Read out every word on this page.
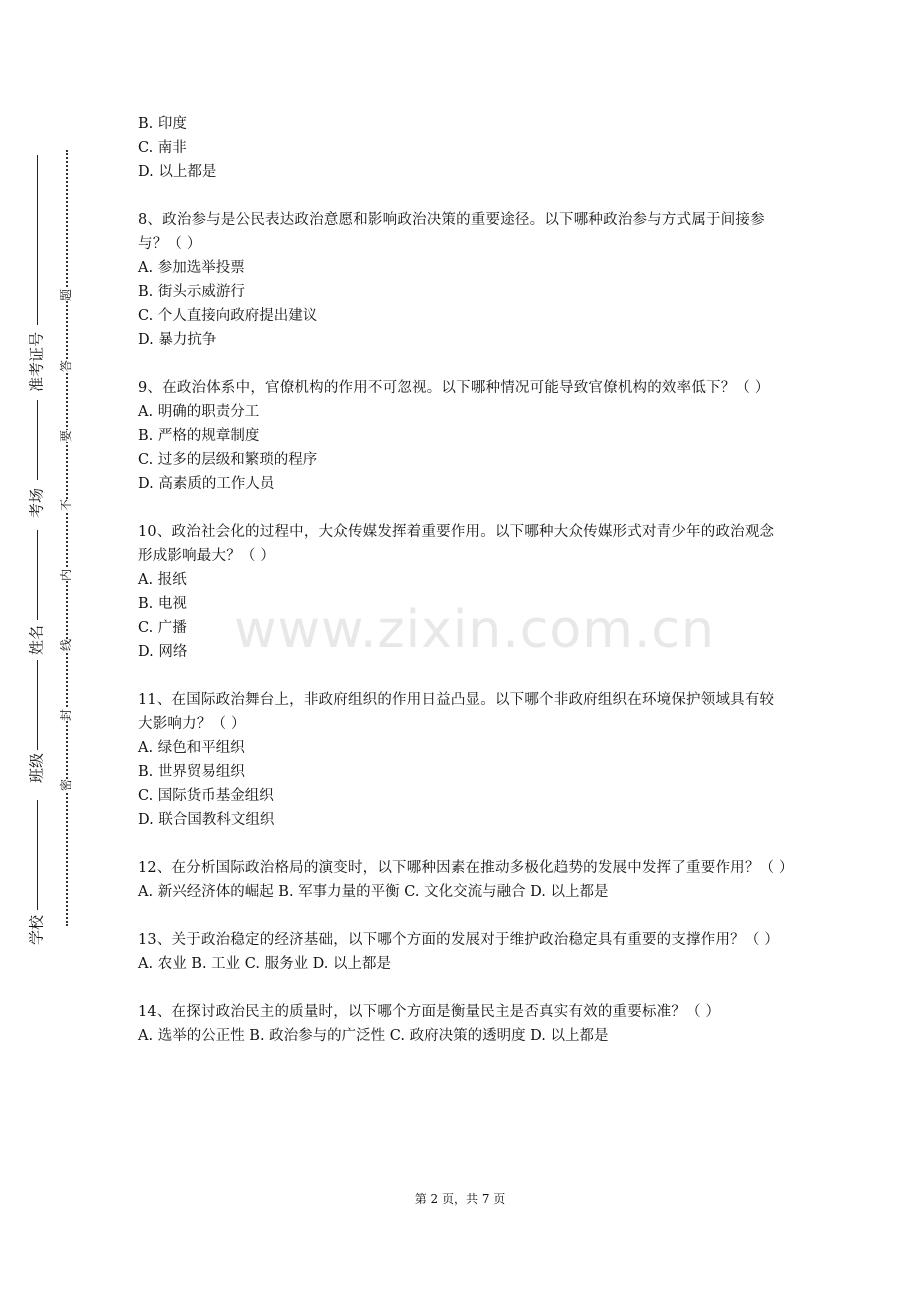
准考证号
考场
姓名
班级
学校
题
答
要
不
内
线
封
密
www.zixin.com.cn

B. 印度

C. 南非

D. 以上都是

8、政治参与是公民表达政治意愿和影响政治决策的重要途径。以下哪种政治参与方式属于间接参与？（ ）

A. 参加选举投票

B. 街头示威游行

C. 个人直接向政府提出建议

D. 暴力抗争

9、在政治体系中，官僚机构的作用不可忽视。以下哪种情况可能导致官僚机构的效率低下？（ ）

A. 明确的职责分工

B. 严格的规章制度

C. 过多的层级和繁琐的程序

D. 高素质的工作人员

10、政治社会化的过程中，大众传媒发挥着重要作用。以下哪种大众传媒形式对青少年的政治观念形成影响最大？（ ）

A. 报纸

B. 电视

C. 广播

D. 网络

11、在国际政治舞台上，非政府组织的作用日益凸显。以下哪个非政府组织在环境保护领域具有较大影响力？（ ）

A. 绿色和平组织

B. 世界贸易组织

C. 国际货币基金组织

D. 联合国教科文组织

12、在分析国际政治格局的演变时，以下哪种因素在推动多极化趋势的发展中发挥了重要作用？（ ）

A. 新兴经济体的崛起 B. 军事力量的平衡 C. 文化交流与融合 D. 以上都是

13、关于政治稳定的经济基础，以下哪个方面的发展对于维护政治稳定具有重要的支撑作用？（ ）

A. 农业 B. 工业 C. 服务业 D. 以上都是

14、在探讨政治民主的质量时，以下哪个方面是衡量民主是否真实有效的重要标准？（ ）

A. 选举的公正性 B. 政治参与的广泛性 C. 政府决策的透明度 D. 以上都是

第 2 页，共 7 页
